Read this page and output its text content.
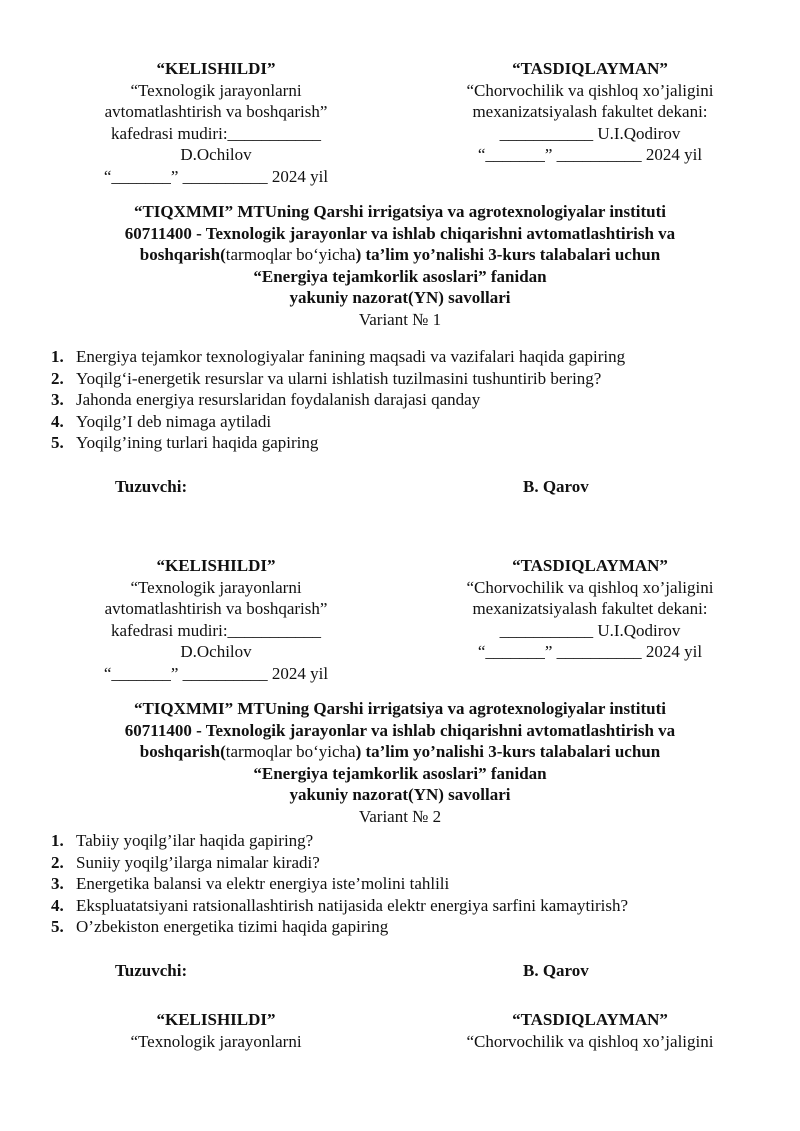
“KELISHILDI”
“Texnologik jarayonlarni
avtomatlashtirish va boshqarish”
kafedrasi mudiri:___________
D.Ochilov
“_______” __________ 2024 yil
“TASDIQLAYMAN”
“Chorvochilik va qishloq xo’jaligini
mexanizatsiyalash fakultet dekani:
___________ U.I.Qodirov
“_______” __________ 2024 yil
“TIQXMMI” MTUning Qarshi irrigatsiya va agrotexnologiyalar instituti
60711400 - Texnologik jarayonlar va ishlab chiqarishni avtomatlashtirish va
boshqarish(tarmoqlar bo‘yicha) ta’lim yo’nalishi 3-kurs talabalari uchun
“Energiya tejamkorlik asoslari” fanidan
yakuniy nazorat(YN) savollari
Variant № 1
1. Energiya tejamkor texnologiyalar fanining maqsadi va vazifalari haqida gapiring
2. Yoqilg‘i-energetik resurslar va ularni ishlatish tuzilmasini tushuntirib bering?
3. Jahonda energiya resurslaridan foydalanish darajasi qanday
4. Yoqilg’I deb nimaga aytiladi
5. Yoqilg’ining turlari haqida gapiring
Tuzuvchi:	B. Qarov
“KELISHILDI”
“Texnologik jarayonlarni
avtomatlashtirish va boshqarish”
kafedrasi mudiri:___________
D.Ochilov
“_______” __________ 2024 yil
“TASDIQLAYMAN”
“Chorvochilik va qishloq xo’jaligini
mexanizatsiyalash fakultet dekani:
___________ U.I.Qodirov
“_______” __________ 2024 yil
“TIQXMMI” MTUning Qarshi irrigatsiya va agrotexnologiyalar instituti
60711400 - Texnologik jarayonlar va ishlab chiqarishni avtomatlashtirish va
boshqarish(tarmoqlar bo‘yicha) ta’lim yo’nalishi 3-kurs talabalari uchun
“Energiya tejamkorlik asoslari” fanidan
yakuniy nazorat(YN) savollari
Variant № 2
1. Tabiiy yoqilg’ilar haqida gapiring?
2. Suniiy yoqilg’ilarga nimalar kiradi?
3. Energetika balansi va elektr energiya iste’molini tahlili
4. Ekspluatatsiyani ratsionallashtirish natijasida elektr energiya sarfini kamaytirish?
5. O’zbekiston energetika tizimi haqida gapiring
Tuzuvchi:	B. Qarov
“KELISHILDI”
“Texnologik jarayonlarni
“TASDIQLAYMAN”
“Chorvochilik va qishloq xo’jaligini
